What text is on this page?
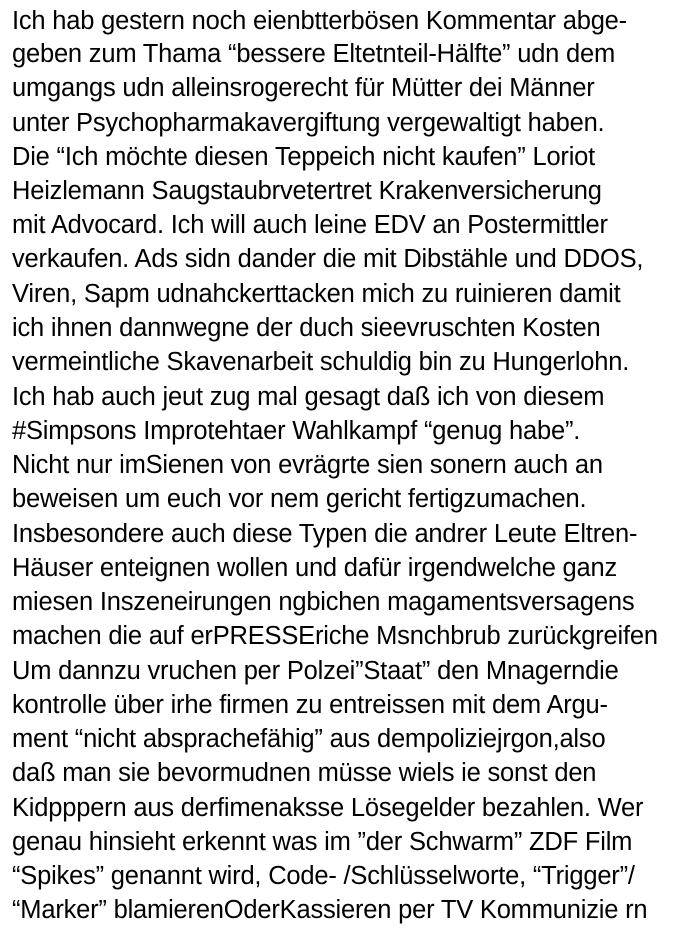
Ich hab gestern noch eienbtterbösen Kommentar abge-
geben zum Thama “bessere Eltetnteil-Hälfte” udn dem
umgangs udn alleinsrogerecht für Mütter dei Männer
unter Psychopharmakavergiftung vergewaltigt haben.
Die “Ich möchte diesen Teppeich nicht kaufen” Loriot
Heizlemann Saugstaubrvetertret Krakenversicherung
mit Advocard. Ich will auch leine EDV an Postermittler
verkaufen. Ads sidn dander die mit Dibstähle und DDOS,
Viren, Sapm udnahckerttacken mich zu ruinieren damit
ich ihnen dannwegne der duch sieevruschten Kosten
vermeintliche Skavenarbeit schuldig bin zu Hungerlohn.
Ich hab auch jeut zug mal gesagt daß ich von diesem
#Simpsons Improtehtaer Wahlkampf “genug habe”.
Nicht nur imSienen von evrägrte sien sonern auch an
beweisen um euch vor nem gericht fertigzumachen.
Insbesondere auch diese Typen die andrer Leute Eltren-
Häuser enteignen wollen und dafür irgendwelche ganz
miesen Inszeneirungen ngbichen magamentsversagens
machen die auf erPRESSEriche Msnchbrub zurückgreifen
Um dannzu vruchen per Polzei”Staat” den Mnagerndie
kontrolle über irhe firmen zu entreissen mit dem Argu-
ment “nicht absprachefähig” aus dempoliziejrgon,also
daß man sie bevormudnen müsse wiels ie sonst den
Kidpppern aus derfimenaksse Lösegelder bezahlen. Wer
genau hinsieht erkennt was im ”der Schwarm” ZDF Film
“Spikes” genannt wird, Code- /Schlüsselworte, “Trigger”/
“Marker” blamierenOderKassieren per TV Kommunizie rn
